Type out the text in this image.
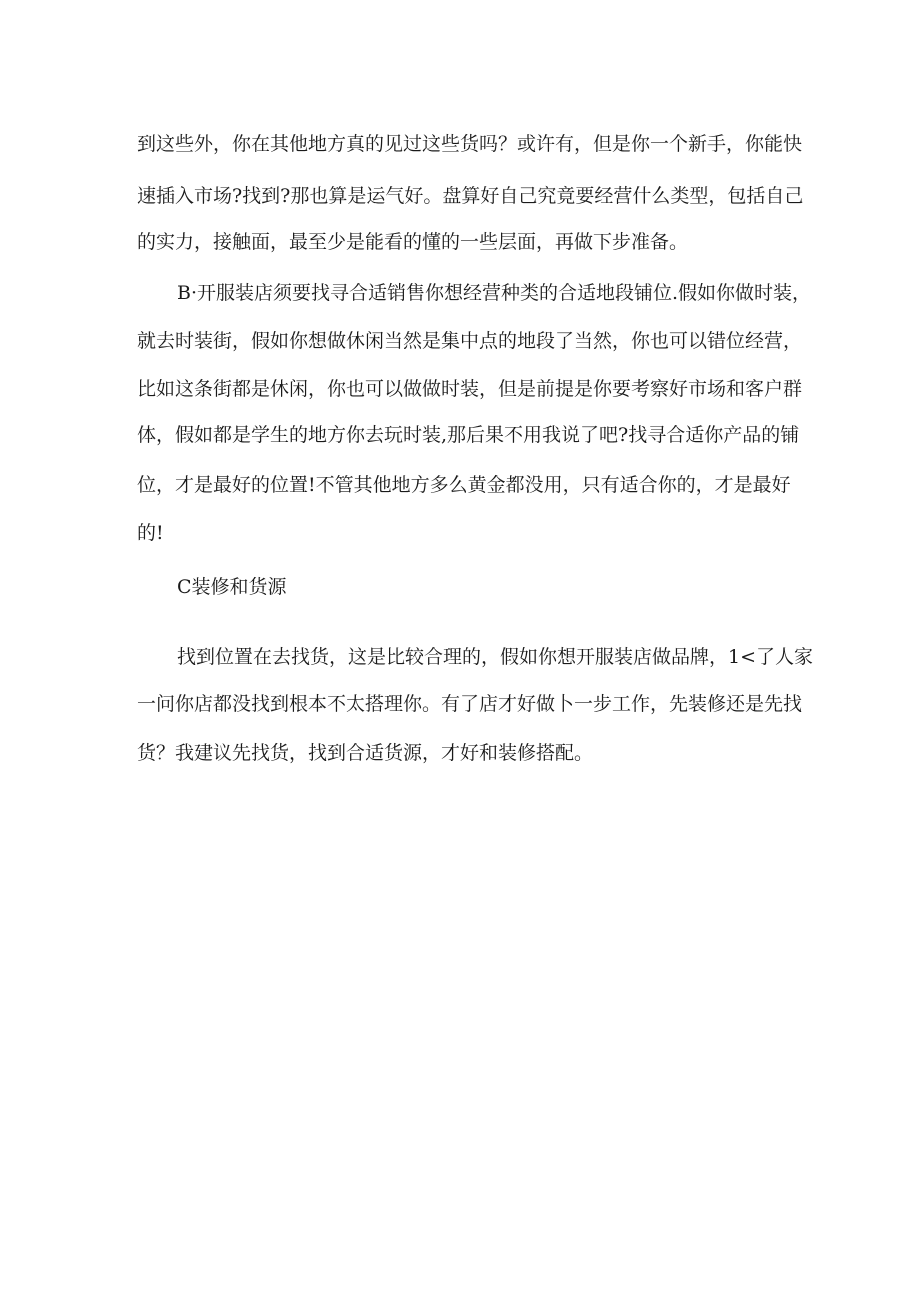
到这些外，你在其他地方真的见过这些货吗？或许有，但是你一个新手，你能快
速插入市场?找到?那也算是运气好。盘算好自己究竟要经营什么类型，包括自己
的实力，接触面，最至少是能看的懂的一些层面，再做下步准备。
B·开服装店须要找寻合适销售你想经营种类的合适地段铺位.假如你做时装，
就去时装街，假如你想做休闲当然是集中点的地段了当然，你也可以错位经营，
比如这条街都是休闲，你也可以做做时装，但是前提是你要考察好市场和客户群
体，假如都是学生的地方你去玩时装,那后果不用我说了吧?找寻合适你产品的铺
位，才是最好的位置!不管其他地方多么黄金都没用，只有适合你的，才是最好
的!
C装修和货源
找到位置在去找货，这是比较合理的，假如你想开服装店做品牌，1<了人家
一问你店都没找到根本不太搭理你。有了店才好做卜一步工作，先装修还是先找
货？我建议先找货，找到合适货源，才好和装修搭配。
